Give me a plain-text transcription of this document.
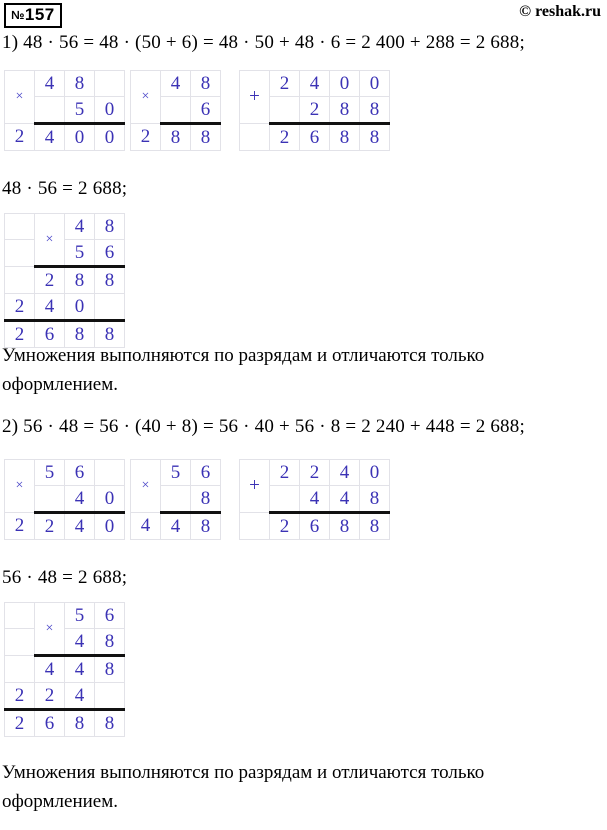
№157	© reshak.ru
1) 48 · 56 = 48 · (50 + 6) = 48 · 50 + 48 · 6 = 2 400 + 288 = 2 688;
×	4	8	
		5	0
2	4	0	0
×	4	8
		6
2	8	8
+	2	4	0	0
		2	8	8
	2	6	8	8
48 · 56 = 2 688;
	×	4	8
		5	6
	2	8	8
2	4	0	
2	6	8	8
Умножения выполняются по разрядам и отличаются только
оформлением.
2) 56 · 48 = 56 · (40 + 8) = 56 · 40 + 56 · 8 = 2 240 + 448 = 2 688;
×	5	6	
		4	0
2	2	4	0
×	5	6
		8
4	4	8
+	2	2	4	0
		4	4	8
	2	6	8	8
56 · 48 = 2 688;
	×	5	6
		4	8
	4	4	8
2	2	4	
2	6	8	8
Умножения выполняются по разрядам и отличаются только
оформлением.
